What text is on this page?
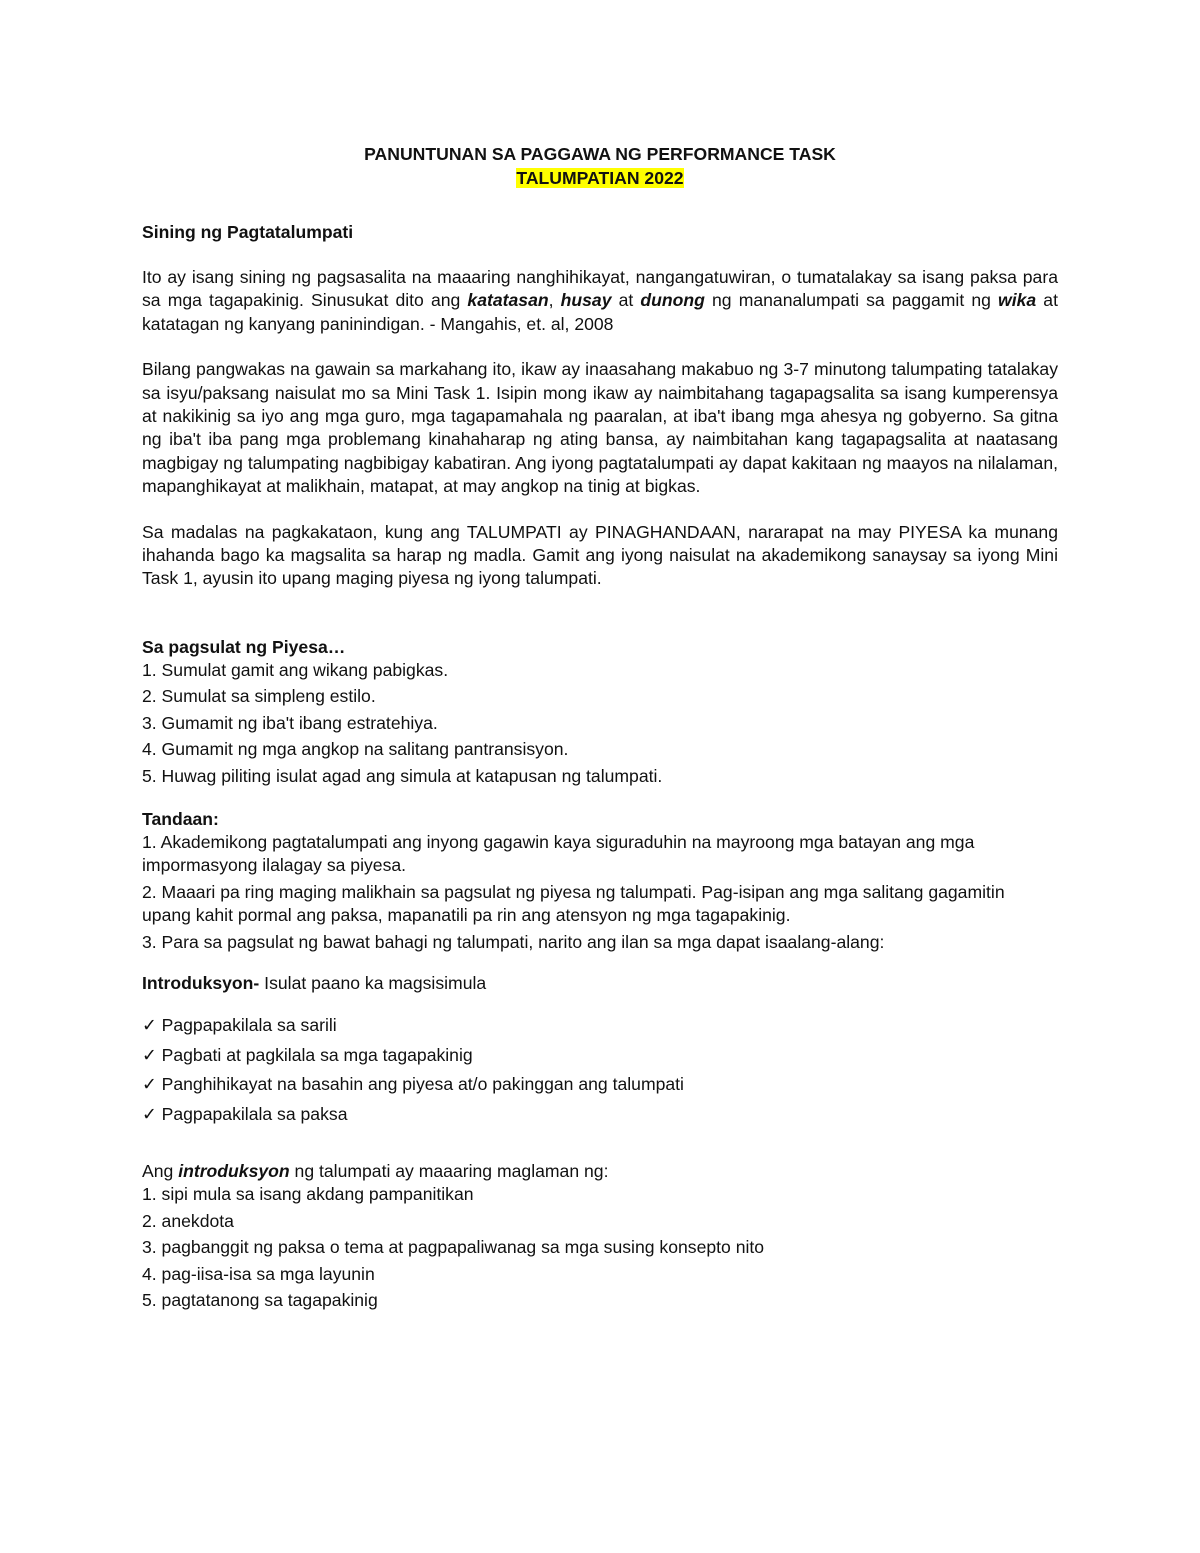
PANUNTUNAN SA PAGGAWA NG PERFORMANCE TASK
TALUMPATIAN 2022
Sining ng Pagtatalumpati

Ito ay isang sining ng pagsasalita na maaaring nanghihikayat, nangangatuwiran, o tumatalakay sa isang paksa para sa mga tagapakinig. Sinusukat dito ang katatasan, husay at dunong ng mananalumpati sa paggamit ng wika at katatagan ng kanyang paninindigan. - Mangahis, et. al, 2008

Bilang pangwakas na gawain sa markahang ito, ikaw ay inaasahang makabuo ng 3-7 minutong talumpating tatalakay sa isyu/paksang naisulat mo sa Mini Task 1. Isipin mong ikaw ay naimbitahang tagapagsalita sa isang kumperensya at nakikinig sa iyo ang mga guro, mga tagapamahala ng paaralan, at iba't ibang mga ahesya ng gobyerno. Sa gitna ng iba't iba pang mga problemang kinahaharap ng ating bansa, ay naimbitahan kang tagapagsalita at naatasang magbigay ng talumpating nagbibigay kabatiran. Ang iyong pagtatalumpati ay dapat kakitaan ng maayos na nilalaman, mapanghikayat at malikhain, matapat, at may angkop na tinig at bigkas.

Sa madalas na pagkakataon, kung ang TALUMPATI ay PINAGHANDAAN, nararapat na may PIYESA ka munang ihahanda bago ka magsalita sa harap ng madla. Gamit ang iyong naisulat na akademikong sanaysay sa iyong Mini Task 1, ayusin ito upang maging piyesa ng iyong talumpati.

Sa pagsulat ng Piyesa…
1. Sumulat gamit ang wikang pabigkas.
2. Sumulat sa simpleng estilo.
3. Gumamit ng iba't ibang estratehiya.
4. Gumamit ng mga angkop na salitang pantransisyon.
5. Huwag piliting isulat agad ang simula at katapusan ng talumpati.
Tandaan:
1. Akademikong pagtatalumpati ang inyong gagawin kaya siguraduhin na mayroong mga batayan ang mga impormasyong ilalagay sa piyesa.
2. Maaari pa ring maging malikhain sa pagsulat ng piyesa ng talumpati. Pag-isipan ang mga salitang gagamitin upang kahit pormal ang paksa, mapanatili pa rin ang atensyon ng mga tagapakinig.
3. Para sa pagsulat ng bawat bahagi ng talumpati, narito ang ilan sa mga dapat isaalang-alang:

Introduksyon- Isulat paano ka magsisimula

✓ Pagpapakilala sa sarili
✓ Pagbati at pagkilala sa mga tagapakinig
✓ Panghihikayat na basahin ang piyesa at/o pakinggan ang talumpati
✓ Pagpapakilala sa paksa

Ang introduksyon ng talumpati ay maaaring maglaman ng:

1. sipi mula sa isang akdang pampanitikan
2. anekdota
3. pagbanggit ng paksa o tema at pagpapaliwanag sa mga susing konsepto nito
4. pag-iisa-isa sa mga layunin
5. pagtatanong sa tagapakinig
